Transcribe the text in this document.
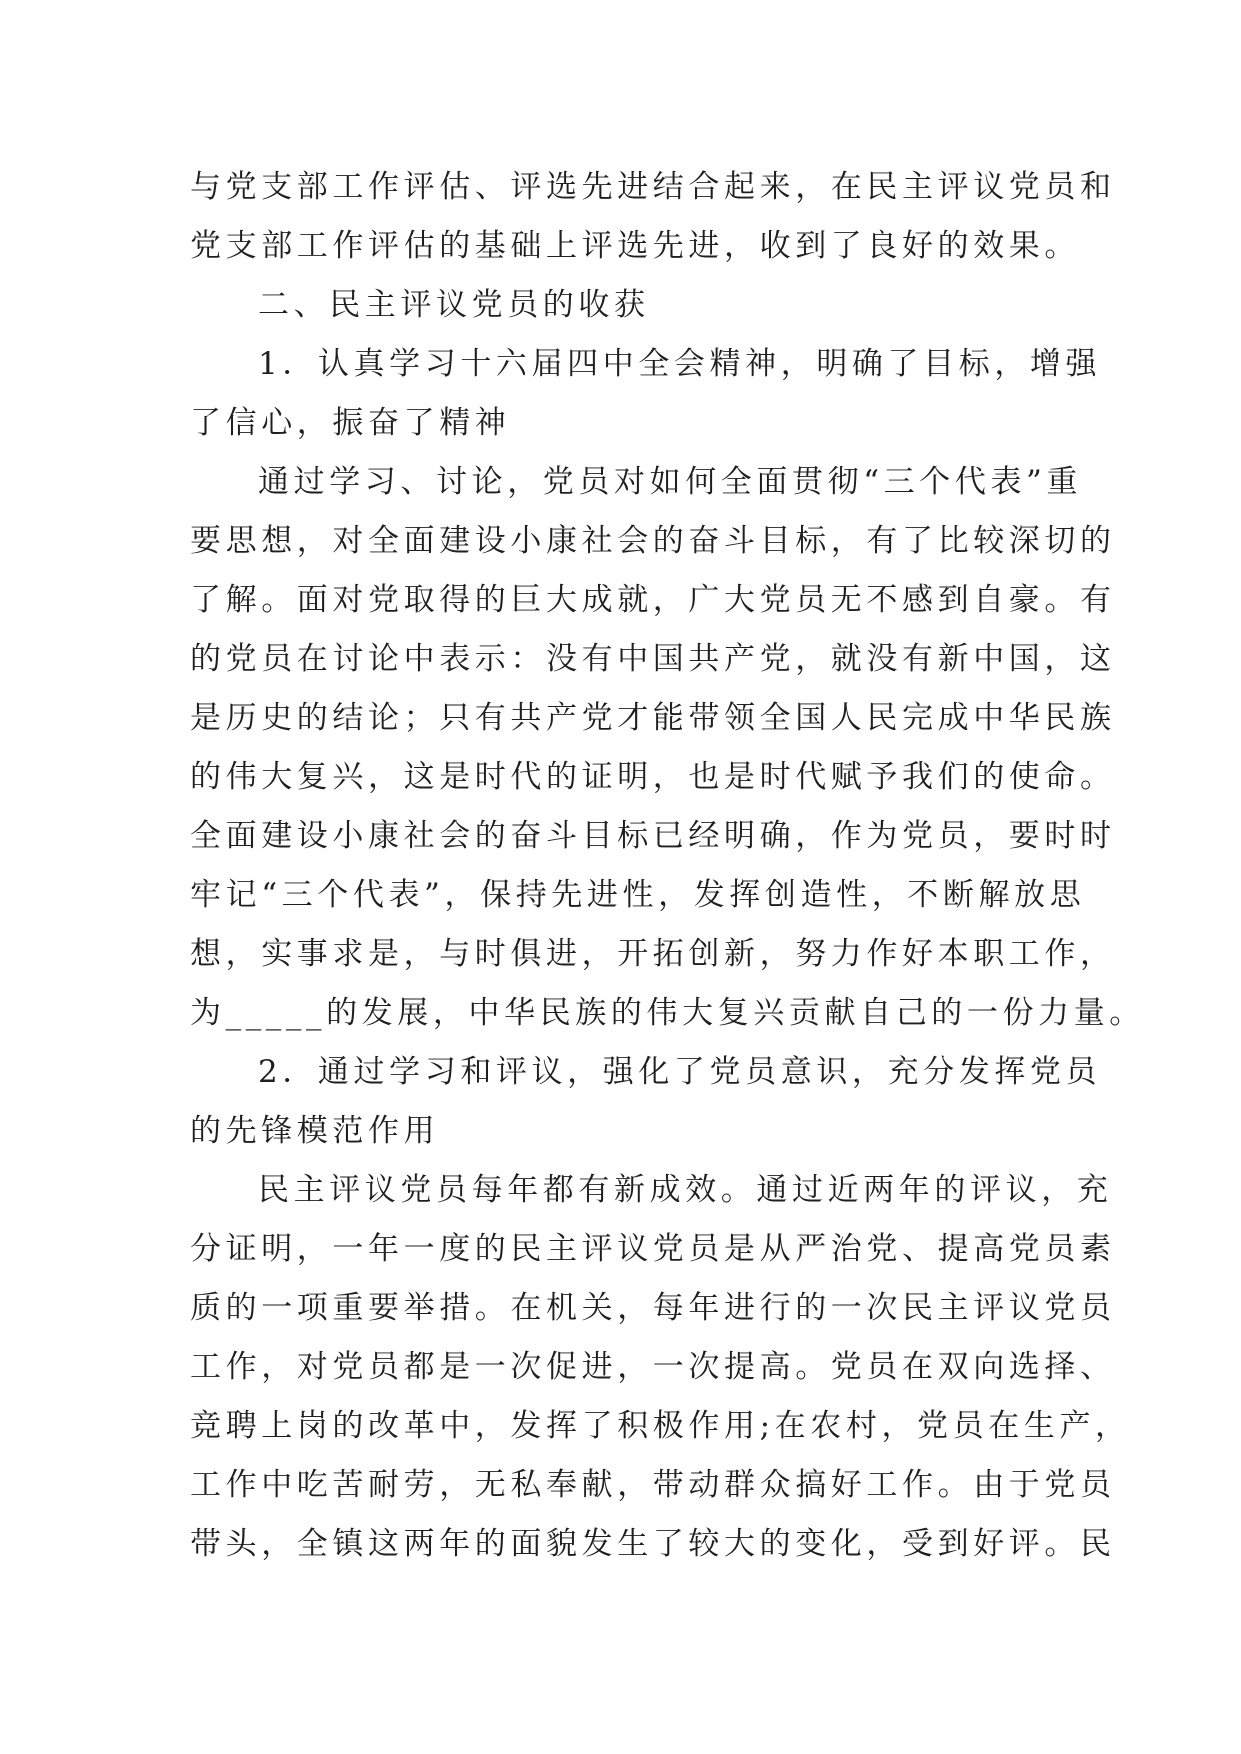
与党支部工作评估、评选先进结合起来，在民主评议党员和
党支部工作评估的基础上评选先进，收到了良好的效果。
二、民主评议党员的收获
1．认真学习十六届四中全会精神，明确了目标，增强
了信心，振奋了精神
通过学习、讨论，党员对如何全面贯彻“三个代表”重
要思想，对全面建设小康社会的奋斗目标，有了比较深切的
了解。面对党取得的巨大成就，广大党员无不感到自豪。有
的党员在讨论中表示：没有中国共产党，就没有新中国，这
是历史的结论；只有共产党才能带领全国人民完成中华民族
的伟大复兴，这是时代的证明，也是时代赋予我们的使命。
全面建设小康社会的奋斗目标已经明确，作为党员，要时时
牢记“三个代表”，保持先进性，发挥创造性，不断解放思
想，实事求是，与时俱进，开拓创新，努力作好本职工作，
为_____的发展，中华民族的伟大复兴贡献自己的一份力量。
2．通过学习和评议，强化了党员意识，充分发挥党员
的先锋模范作用
民主评议党员每年都有新成效。通过近两年的评议，充
分证明，一年一度的民主评议党员是从严治党、提高党员素
质的一项重要举措。在机关，每年进行的一次民主评议党员
工作，对党员都是一次促进，一次提高。党员在双向选择、
竞聘上岗的改革中，发挥了积极作用;在农村，党员在生产，
工作中吃苦耐劳，无私奉献，带动群众搞好工作。由于党员
带头，全镇这两年的面貌发生了较大的变化，受到好评。民
